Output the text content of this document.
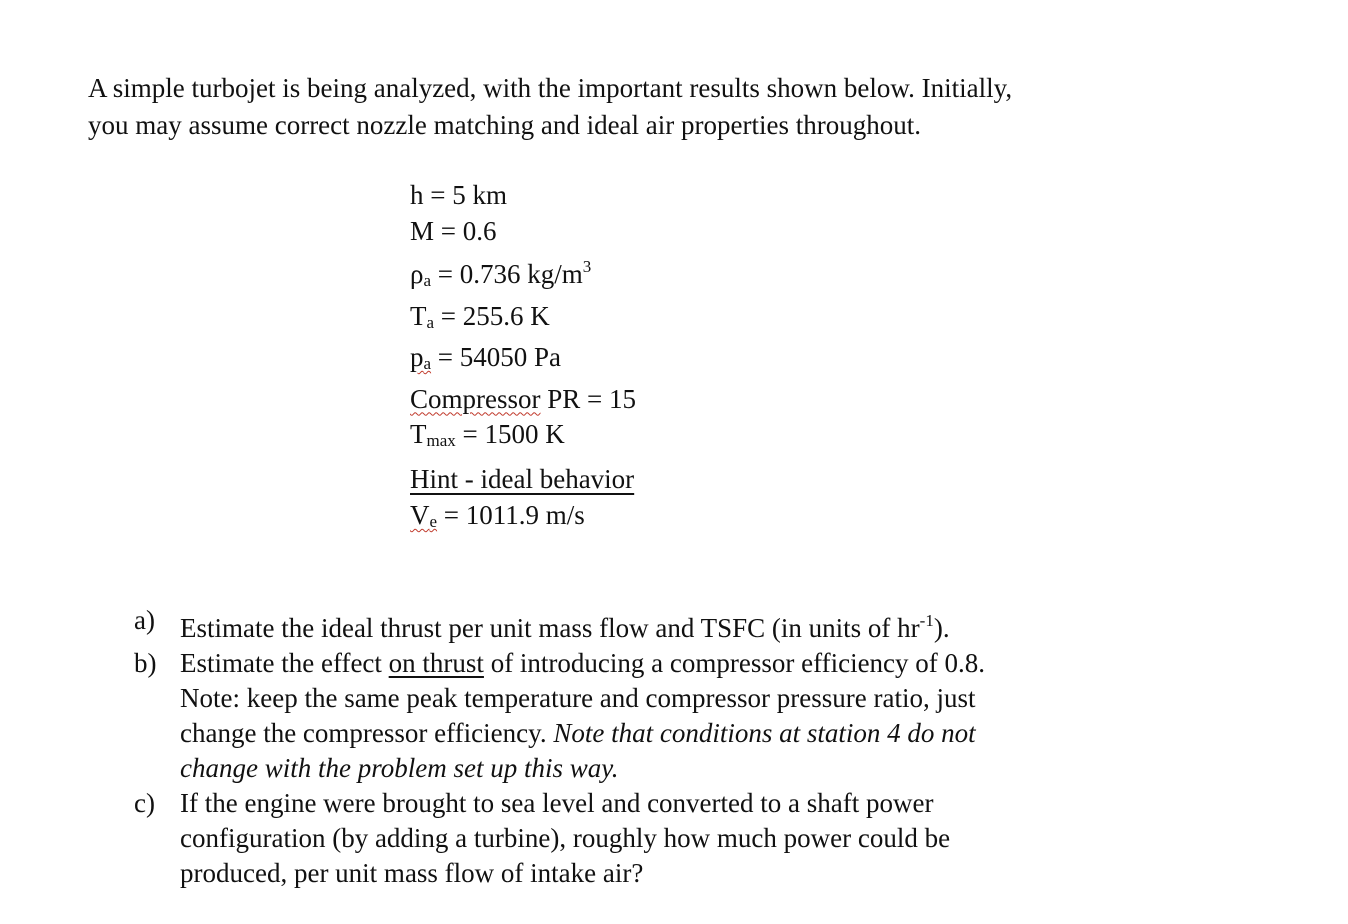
A simple turbojet is being analyzed, with the important results shown below. Initially,
you may assume correct nozzle matching and ideal air properties throughout.
h = 5 km
M = 0.6
ρa = 0.736 $kg/m^3$
Ta = 255.6 K
pa = 54050 Pa
Compressor PR = 15
Tmax = 1500 K
Hint - ideal behavior
Ve = 1011.9 m/s
a) Estimate the ideal thrust per unit mass flow and TSFC (in units of $hr^{-1}$).
b) Estimate the effect on thrust of introducing a compressor efficiency of 0.8.
Note: keep the same peak temperature and compressor pressure ratio, just
change the compressor efficiency. Note that conditions at station 4 do not
change with the problem set up this way.
c) If the engine were brought to sea level and converted to a shaft power
configuration (by adding a turbine), roughly how much power could be
produced, per unit mass flow of intake air?
